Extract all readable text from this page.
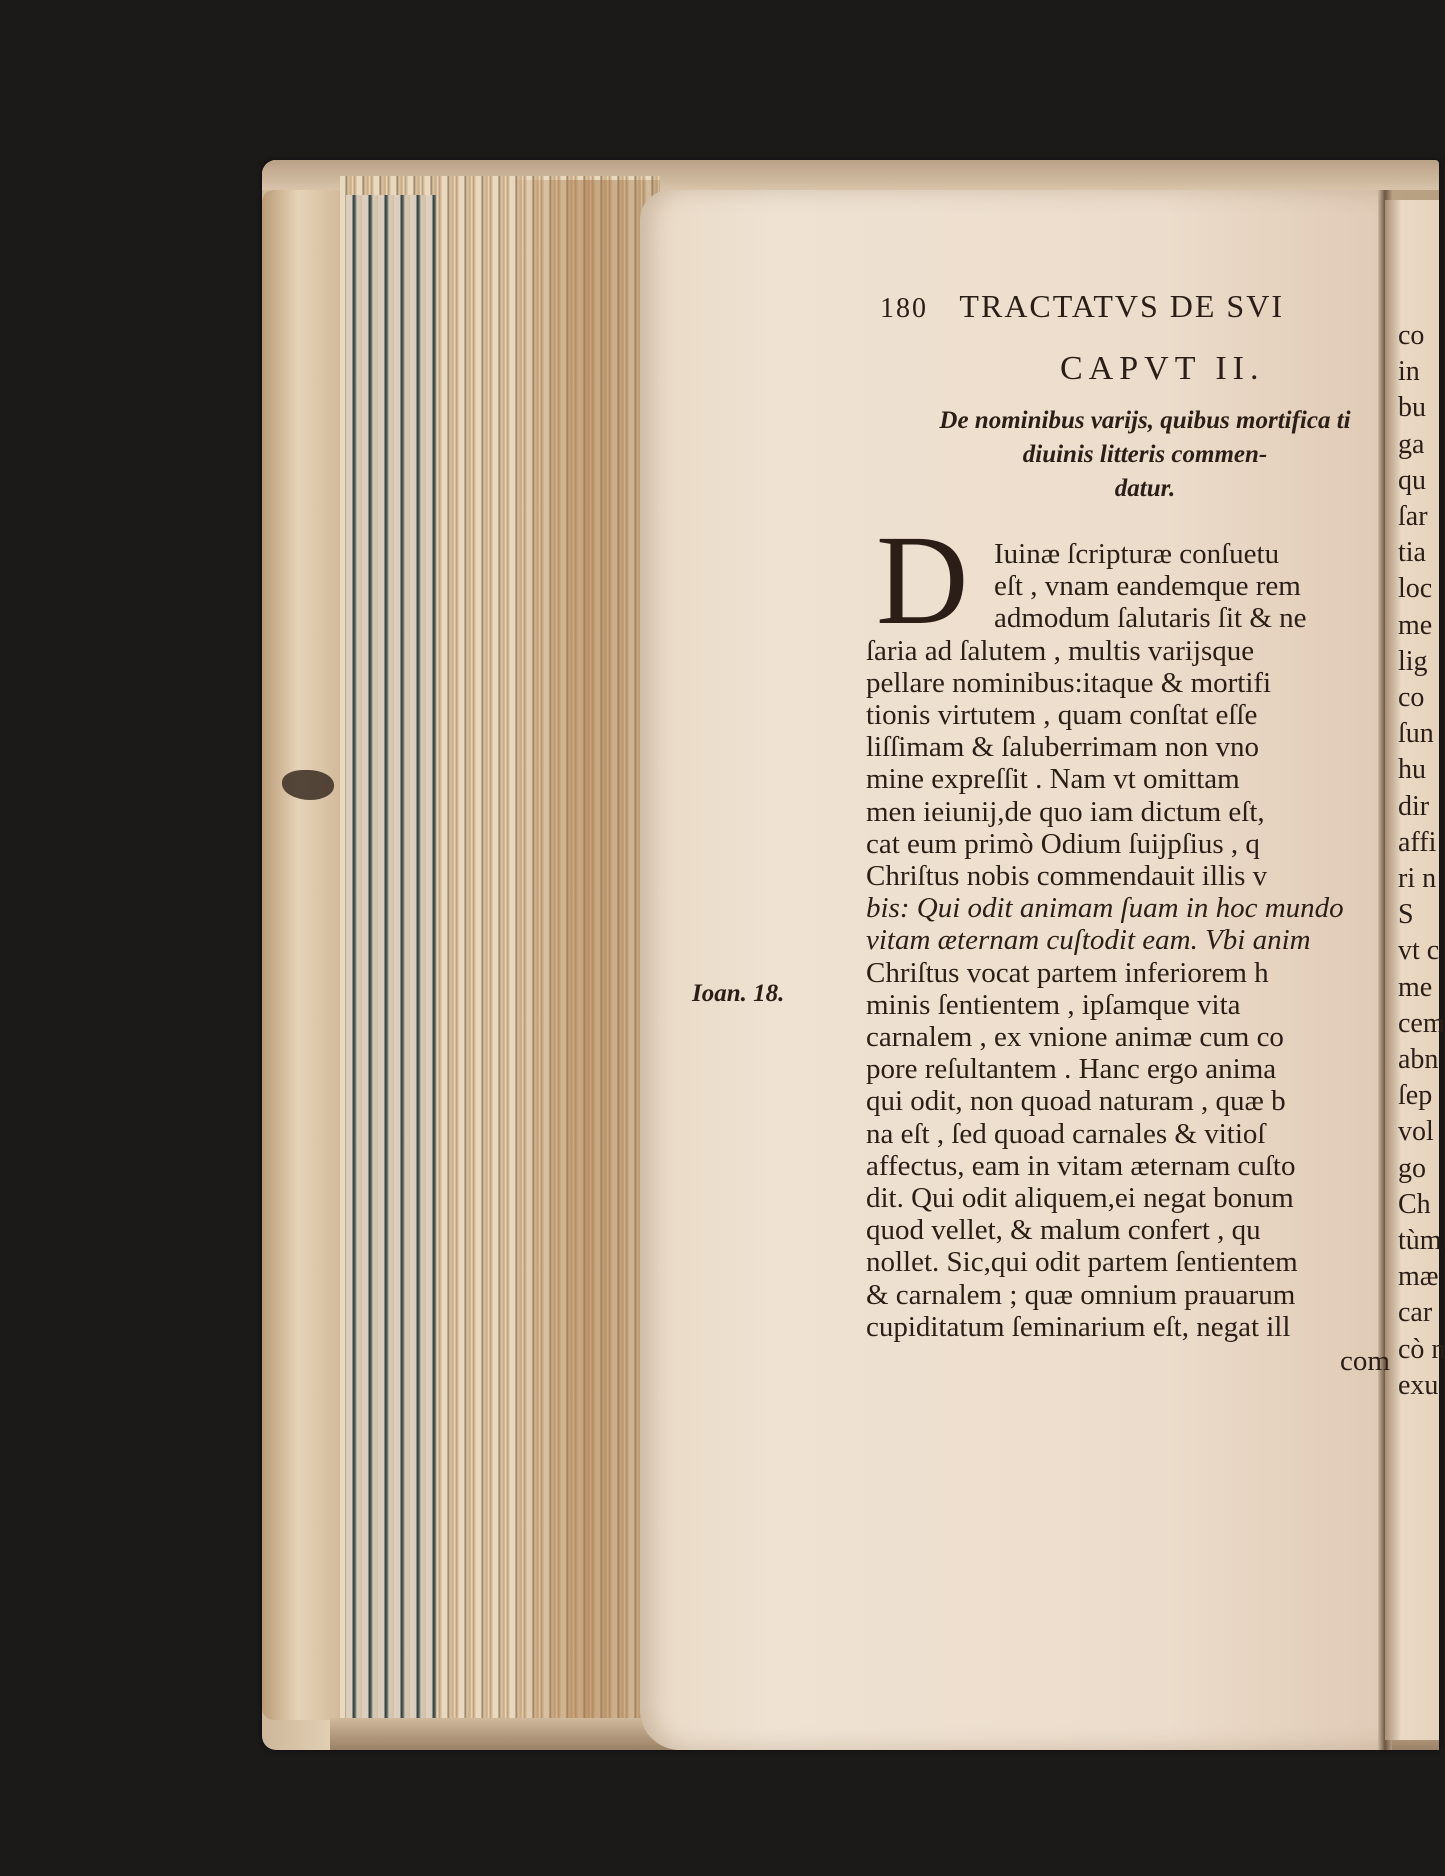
180 TRACTATVS DE SVI
CAPVT II.
De nominibus varijs, quibus mortifica ti
diuinis litteris commen-
datur.
D
Ioan. 18.
Iuinæ ſcripturæ conſuetu
eſt , vnam eandemque rem
admodum ſalutaris ſit & ne
ſaria ad ſalutem , multis varijsque
pellare nominibus:itaque & mortifi
tionis virtutem , quam conſtat eſſe
liſſimam & ſaluberrimam non vno
mine expreſſit . Nam vt omittam
men ieiunij,de quo iam dictum eſt,
cat eum primò Odium ſuijpſius , q
Chriſtus nobis commendauit illis v
bis: Qui odit animam ſuam in hoc mundo
vitam æternam cuſtodit eam. Vbi anim
Chriſtus vocat partem inferiorem h
minis ſentientem , ipſamque vita
carnalem , ex vnione animæ cum co
pore reſultantem . Hanc ergo anima
qui odit, non quoad naturam , quæ b
na eſt , ſed quoad carnales & vitioſ
affectus, eam in vitam æternam cuſto
dit. Qui odit aliquem,ei negat bonum
quod vellet, & malum confert , qu
nollet. Sic,qui odit partem ſentientem
& carnalem ; quæ omnium prauarum
cupiditatum ſeminarium eſt, negat ill
co
in
bu
ga
qu
ſar
tia
loc
me
lig
co
ſun
hu
dir
affi
ri n
S
vt c
me
cem
abn
ſep
vol
go
Ch
tùm
mæ
car
cò n
exu
com
